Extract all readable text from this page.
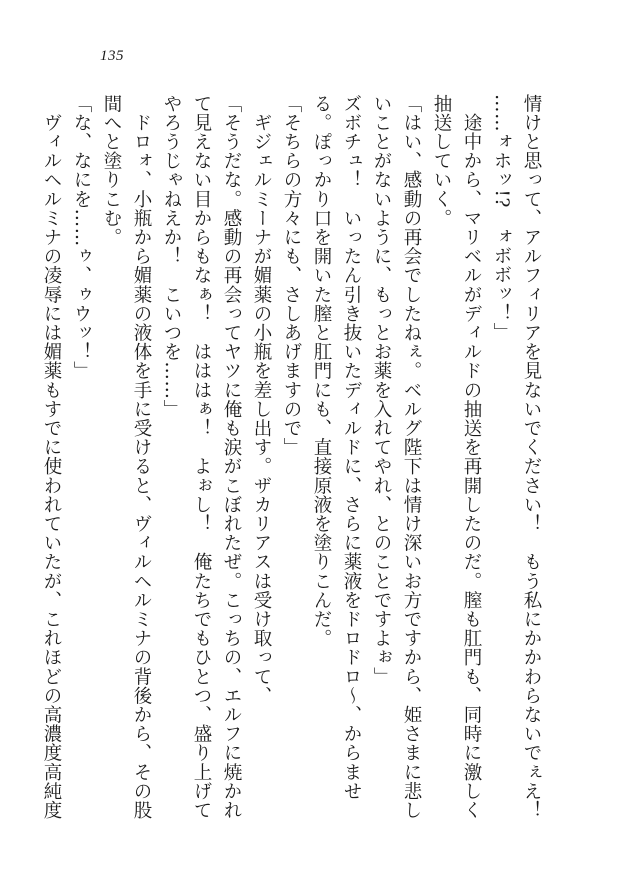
135
情けと思って、アルフィリアを見ないでください！　もう私にかかわらないでぇえ！
……ォホッ!?　ォボボッ！」
　途中から、マリベルがディルドの抽送を再開したのだ。膣も肛門も、同時に激しく
抽送していく。
「はい、感動の再会でしたねぇ。ベルグ陛下は情け深いお方ですから、姫さまに悲し
いことがないように、もっとお薬を入れてやれ、とのことですよぉ」
ズボチュ！　いったん引き抜いたディルドに、さらに薬液をドロドロ～、からませ
る。ぽっかり口を開いた膣と肛門にも、直接原液を塗りこんだ。
「そちらの方々にも、さしあげますので」
　ギジェルミーナが媚薬の小瓶を差し出す。ザカリアスは受け取って、
「そうだな。感動の再会ってヤツに俺も涙がこぼれたぜ。こっちの、エルフに焼かれ
て見えない目からもなぁ！　はははぁ！　よぉし！　俺たちでもひとつ、盛り上げて
やろうじゃねえか！　こいつを……」
　ドロォ、小瓶から媚薬の液体を手に受けると、ヴィルヘルミナの背後から、その股
間へと塗りこむ。
「な、なにを……ゥ、ゥウッ！」
　ヴィルヘルミナの凌辱には媚薬もすでに使われていたが、これほどの高濃度高純度
